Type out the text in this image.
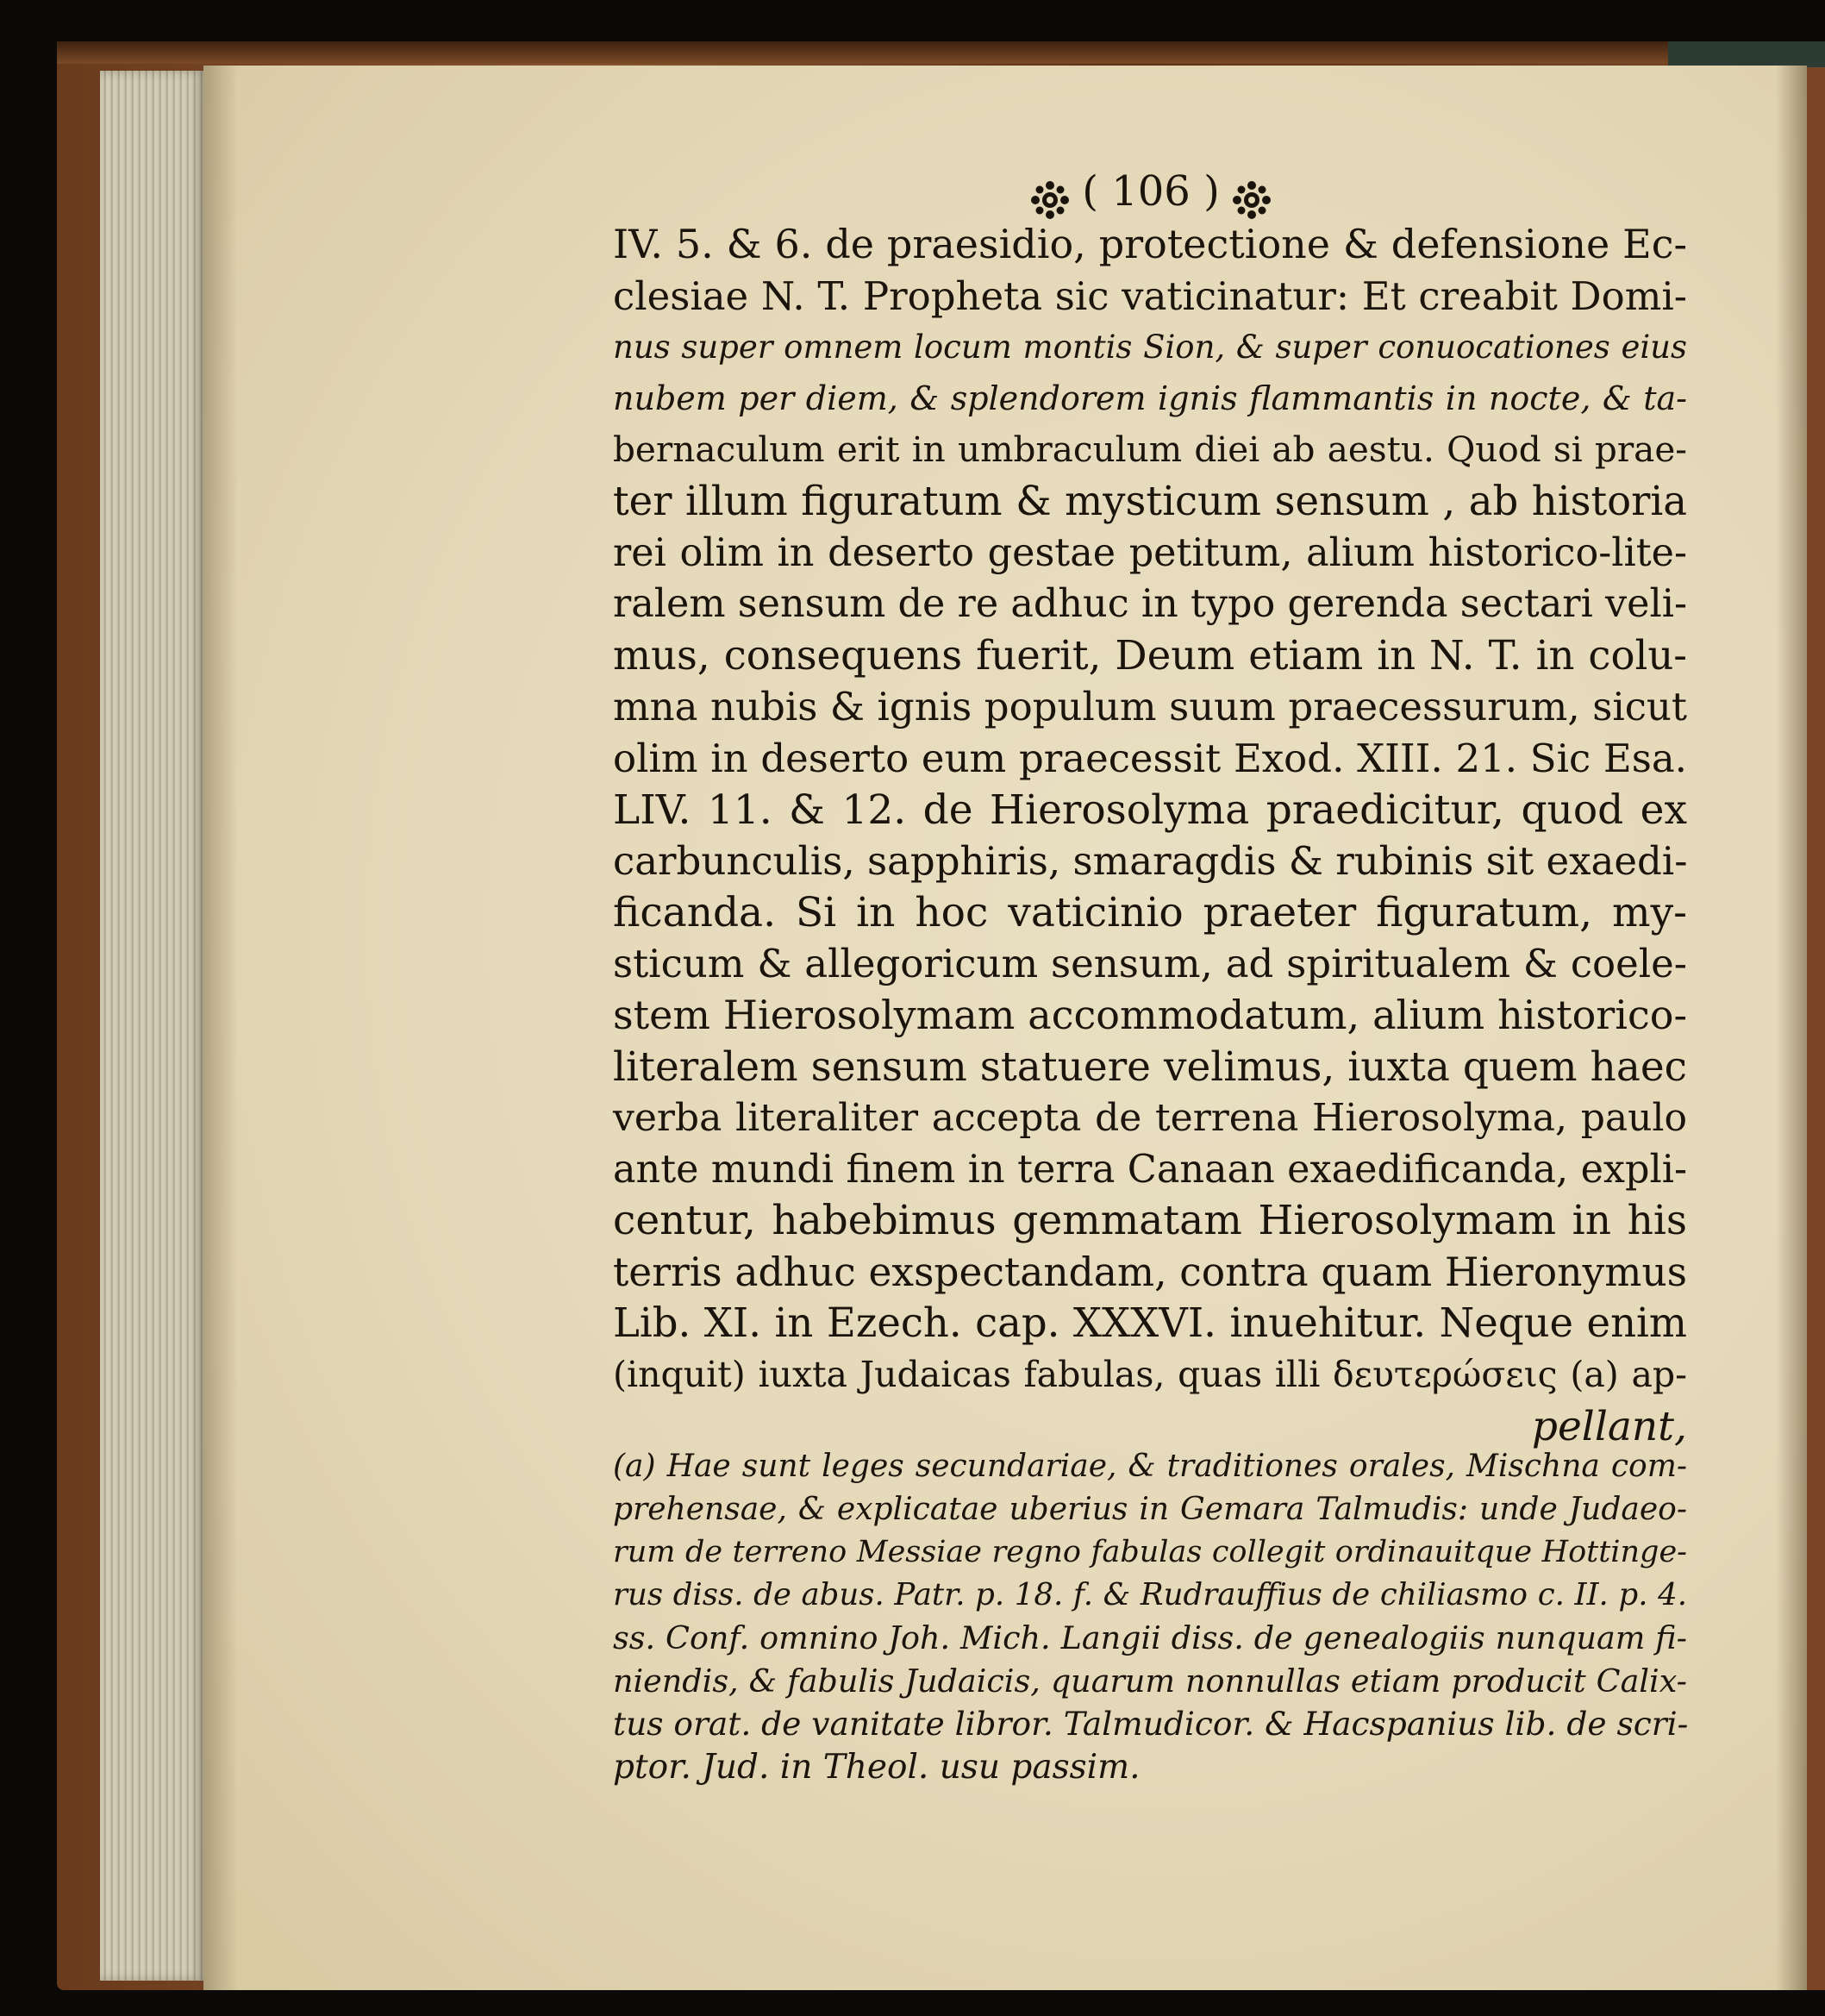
( 106 )
IV. 5. & 6. de praesidio, protectione & defensione Ec-
clesiae N. T. Propheta sic vaticinatur: Et creabit Domi-
nus super omnem locum montis Sion, & super conuocationes eius
nubem per diem, & splendorem ignis flammantis in nocte, & ta-
bernaculum erit in umbraculum diei ab aestu. Quod si prae-
ter illum figuratum & mysticum sensum , ab historia
rei olim in deserto gestae petitum, alium historico-lite-
ralem sensum de re adhuc in typo gerenda sectari veli-
mus, consequens fuerit, Deum etiam in N. T. in colu-
mna nubis & ignis populum suum praecessurum, sicut
olim in deserto eum praecessit Exod. XIII. 21. Sic Esa.
LIV. 11. & 12. de Hierosolyma praedicitur, quod ex
carbunculis, sapphiris, smaragdis & rubinis sit exaedi-
ficanda. Si in hoc vaticinio praeter figuratum, my-
sticum & allegoricum sensum, ad spiritualem & coele-
stem Hierosolymam accommodatum, alium historico-
literalem sensum statuere velimus, iuxta quem haec
verba literaliter accepta de terrena Hierosolyma, paulo
ante mundi finem in terra Canaan exaedificanda, expli-
centur, habebimus gemmatam Hierosolymam in his
terris adhuc exspectandam, contra quam Hieronymus
Lib. XI. in Ezech. cap. XXXVI. inuehitur. Neque enim
(inquit) iuxta Judaicas fabulas, quas illi δευτερώσεις (a) ap-
pellant,
(a) Hae sunt leges secundariae, & traditiones orales, Mischna com-
prehensae, & explicatae uberius in Gemara Talmudis: unde Judaeo-
rum de terreno Messiae regno fabulas collegit ordinauitque Hottinge-
rus diss. de abus. Patr. p. 18. f. & Rudrauffius de chiliasmo c. II. p. 4.
ss. Conf. omnino Joh. Mich. Langii diss. de genealogiis nunquam fi-
niendis, & fabulis Judaicis, quarum nonnullas etiam producit Calix-
tus orat. de vanitate libror. Talmudicor. & Hacspanius lib. de scri-
ptor. Jud. in Theol. usu passim.
